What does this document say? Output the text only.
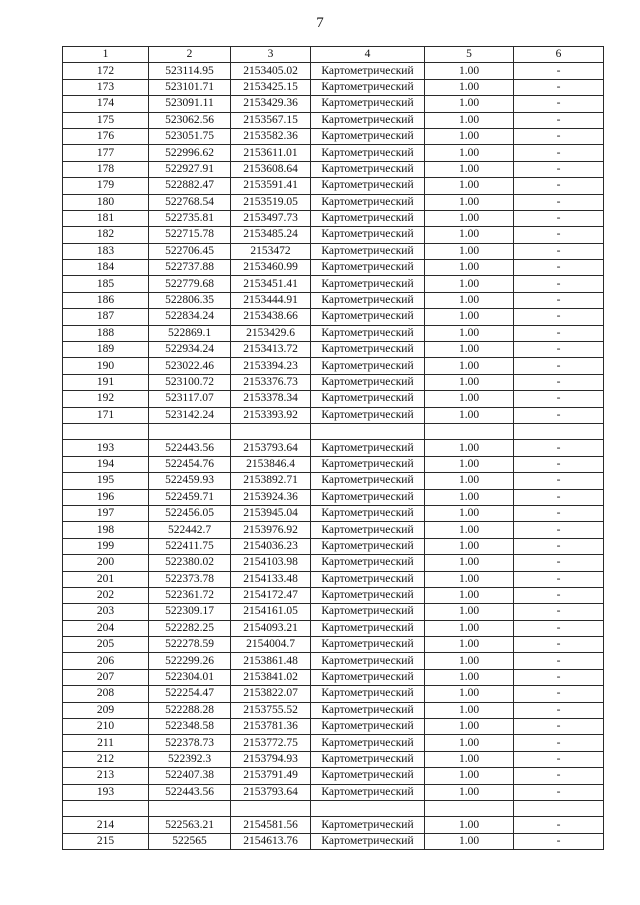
7
1	2	3	4	5	6
172	523114.95	2153405.02	Картометрический	1.00	-
173	523101.71	2153425.15	Картометрический	1.00	-
174	523091.11	2153429.36	Картометрический	1.00	-
175	523062.56	2153567.15	Картометрический	1.00	-
176	523051.75	2153582.36	Картометрический	1.00	-
177	522996.62	2153611.01	Картометрический	1.00	-
178	522927.91	2153608.64	Картометрический	1.00	-
179	522882.47	2153591.41	Картометрический	1.00	-
180	522768.54	2153519.05	Картометрический	1.00	-
181	522735.81	2153497.73	Картометрический	1.00	-
182	522715.78	2153485.24	Картометрический	1.00	-
183	522706.45	2153472	Картометрический	1.00	-
184	522737.88	2153460.99	Картометрический	1.00	-
185	522779.68	2153451.41	Картометрический	1.00	-
186	522806.35	2153444.91	Картометрический	1.00	-
187	522834.24	2153438.66	Картометрический	1.00	-
188	522869.1	2153429.6	Картометрический	1.00	-
189	522934.24	2153413.72	Картометрический	1.00	-
190	523022.46	2153394.23	Картометрический	1.00	-
191	523100.72	2153376.73	Картометрический	1.00	-
192	523117.07	2153378.34	Картометрический	1.00	-
171	523142.24	2153393.92	Картометрический	1.00	-

193	522443.56	2153793.64	Картометрический	1.00	-
194	522454.76	2153846.4	Картометрический	1.00	-
195	522459.93	2153892.71	Картометрический	1.00	-
196	522459.71	2153924.36	Картометрический	1.00	-
197	522456.05	2153945.04	Картометрический	1.00	-
198	522442.7	2153976.92	Картометрический	1.00	-
199	522411.75	2154036.23	Картометрический	1.00	-
200	522380.02	2154103.98	Картометрический	1.00	-
201	522373.78	2154133.48	Картометрический	1.00	-
202	522361.72	2154172.47	Картометрический	1.00	-
203	522309.17	2154161.05	Картометрический	1.00	-
204	522282.25	2154093.21	Картометрический	1.00	-
205	522278.59	2154004.7	Картометрический	1.00	-
206	522299.26	2153861.48	Картометрический	1.00	-
207	522304.01	2153841.02	Картометрический	1.00	-
208	522254.47	2153822.07	Картометрический	1.00	-
209	522288.28	2153755.52	Картометрический	1.00	-
210	522348.58	2153781.36	Картометрический	1.00	-
211	522378.73	2153772.75	Картометрический	1.00	-
212	522392.3	2153794.93	Картометрический	1.00	-
213	522407.38	2153791.49	Картометрический	1.00	-
193	522443.56	2153793.64	Картометрический	1.00	-

214	522563.21	2154581.56	Картометрический	1.00	-
215	522565	2154613.76	Картометрический	1.00	-
